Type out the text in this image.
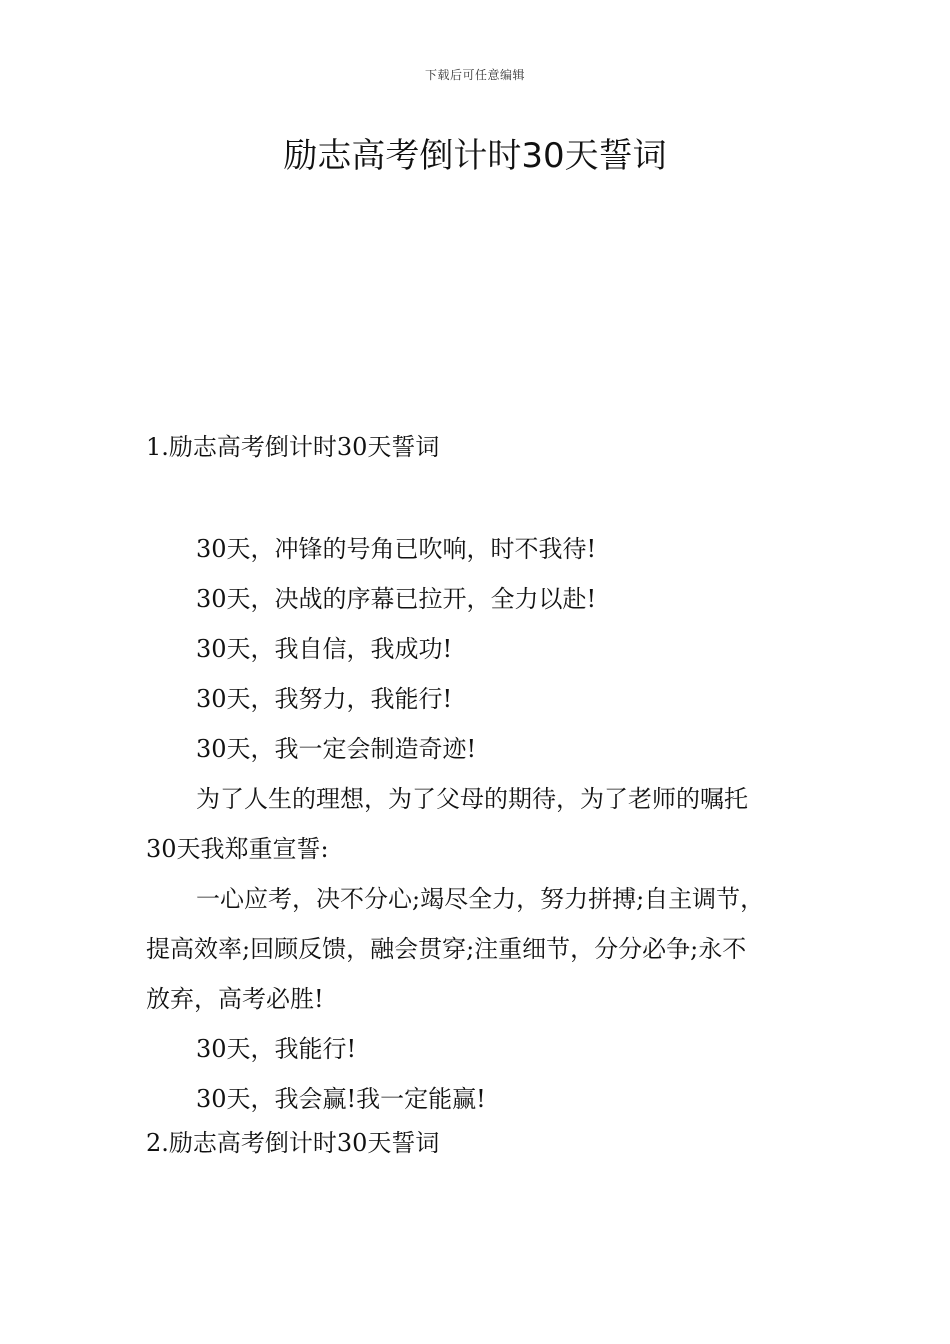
下载后可任意编辑
励志高考倒计时30天誓词
1.励志高考倒计时30天誓词
30天，冲锋的号角已吹响，时不我待!
30天，决战的序幕已拉开，全力以赴!
30天，我自信，我成功!
30天，我努力，我能行!
30天，我一定会制造奇迹!
为了人生的理想，为了父母的期待，为了老师的嘱托
30天我郑重宣誓:
一心应考，决不分心;竭尽全力，努力拼搏;自主调节，
提高效率;回顾反馈，融会贯穿;注重细节，分分必争;永不
放弃，高考必胜!
30天，我能行!
30天，我会赢!我一定能赢!
2.励志高考倒计时30天誓词
